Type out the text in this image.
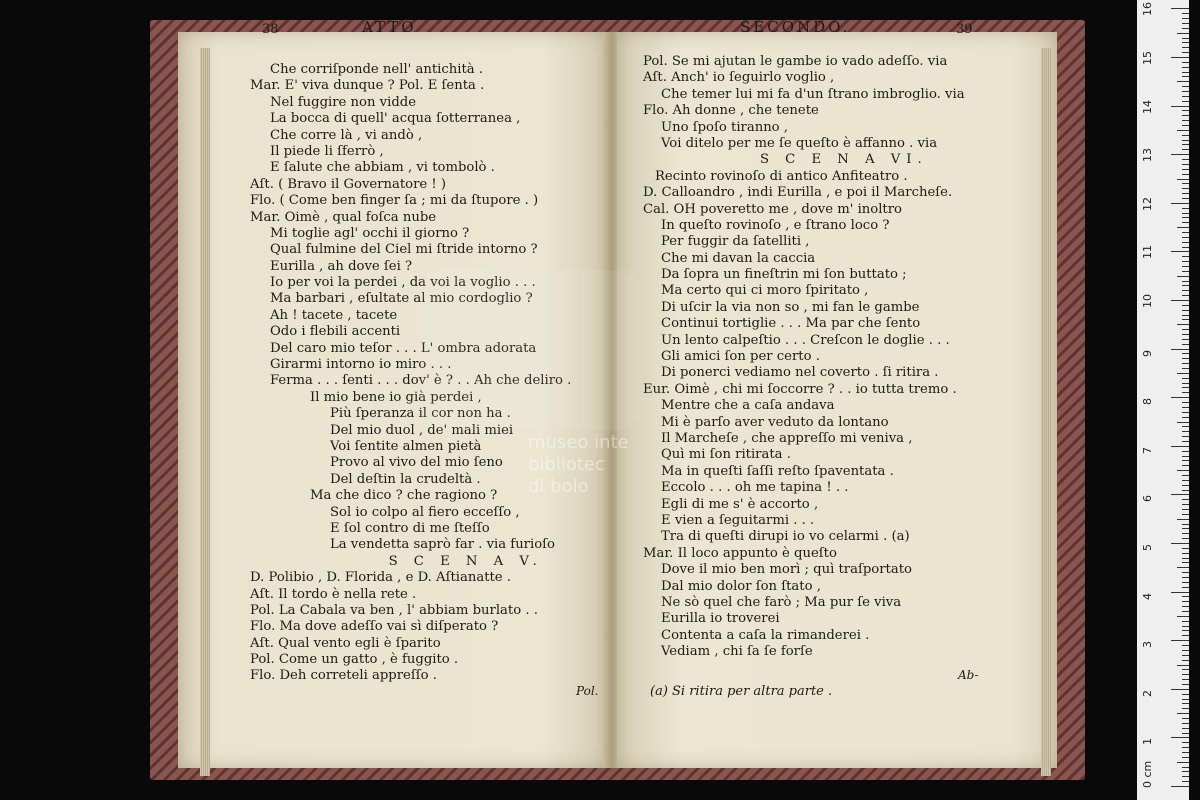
38	ATTO	SECONDO.	39
Che corriſponde nell' antichità .
Mar. E' viva dunque ? Pol. E ſenta .
Nel fuggire non vidde
La bocca di quell' acqua ſotterranea ,
Che corre là , vi andò ,
Il piede li ſferrò ,
E ſalute che abbiam , vi tombolò .
Aſt. ( Bravo il Governatore ! )
Flo. ( Come ben finger ſa ; mi da ſtupore . )
Mar. Oimè , qual foſca nube
Mi toglie agl' occhi il giorno ?
Qual fulmine del Ciel mi ſtride intorno ?
Eurilla , ah dove ſei ?
Io per voi la perdei , da voi la voglio . . .
Ma barbari , eſultate al mio cordoglio ?
Ah ! tacete , tacete
Odo i flebili accenti
Del caro mio teſor . . . L' ombra adorata
Girarmi intorno io miro . . .
Ferma . . . ſenti . . . dov' è ? . . Ah che deliro .
Il mio bene io già perdei ,
Più ſperanza il cor non ha .
Del mio duol , de' mali miei
Voi ſentite almen pietà
Provo al vivo del mio ſeno
Del deſtin la crudeltà .
Ma che dico ? che ragiono ?
Sol io colpo al fiero ecceſſo ,
E ſol contro di me ſteſſo
La vendetta saprò far . via furioſo
S C E N A V.
D. Polibio , D. Florida , e D. Aſtianatte .
Aſt. Il tordo è nella rete .
Pol. La Cabala va ben , l' abbiam burlato . .
Flo. Ma dove adeſſo vai sì diſperato ?
Aſt. Qual vento egli è ſparito
Pol. Come un gatto , è fuggito .
Flo. Deh correteli appreſſo .
Pol. Se mi ajutan le gambe io vado adeſſo. via
Aſt. Anch' io ſeguirlo voglio ,
Che temer lui mi fa d'un ſtrano imbroglio. via
Flo. Ah donne , che tenete
Uno ſpoſo tiranno ,
Voi ditelo per me ſe queſto è affanno . via
S C E N A VI.
Recinto rovinoſo di antico Anfiteatro .
D. Calloandro , indi Eurilla , e poi il Marcheſe.
Cal. OH poveretto me , dove m' inoltro
In queſto rovinoſo , e ſtrano loco ?
Per fuggir da ſatelliti ,
Che mi davan la caccia
Da ſopra un fineſtrin mi ſon buttato ;
Ma certo qui ci moro ſpiritato ,
Di uſcir la via non so , mi fan le gambe
Continui tortiglie . . . Ma par che ſento
Un lento calpeſtio . . . Creſcon le doglie . . .
Gli amici ſon per certo .
Di ponerci vediamo nel coverto . ſi ritira .
Eur. Oimè , chi mi ſoccorre ? . . io tutta tremo .
Mentre che a caſa andava
Mi è parſo aver veduto da lontano
Il Marcheſe , che appreſſo mi veniva ,
Quì mi ſon ritirata .
Ma in queſti ſaſſi reſto ſpaventata .
Eccolo . . . oh me tapina ! . .
Egli di me s' è accorto ,
E vien a ſeguitarmi . . .
Tra di queſti dirupi io vo celarmi . (a)
Mar. Il loco appunto è queſto
Dove il mio ben morì ; quì traſportato
Dal mio dolor ſon ſtato ,
Ne sò quel che farò ; Ma pur ſe viva
Eurilla io troverei
Contenta a caſa la rimanderei .
Vediam , chi ſa ſe forſe
Pol.	(a) Si ritira per altra parte .
Ab-
museo inte
bibliotec
di bolo
0 cm
1
2
3
4
5
6
7
8
9
10
11
12
13
14
15
16
